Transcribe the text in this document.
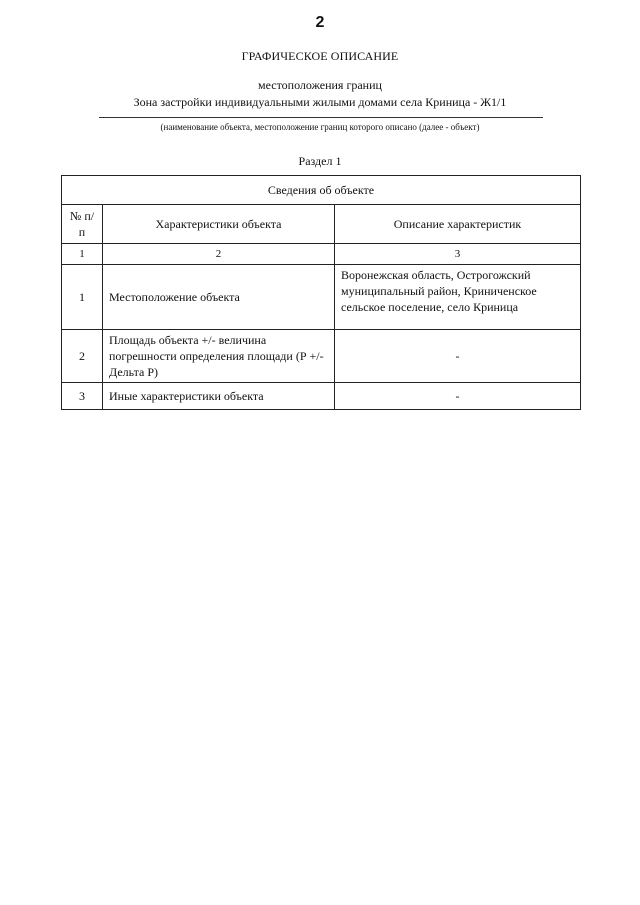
2
ГРАФИЧЕСКОЕ ОПИСАНИЕ
местоположения границ
Зона застройки индивидуальными жилыми домами села Криница - Ж1/1
(наименование объекта, местоположение границ которого описано (далее - объект)
Раздел 1
Сведения об объекте		
№ п/п	Характеристики объекта	Описание характеристик
1	2	3
1	Местоположение объекта	Воронежская область, Острогожский муниципальный район, Криниченское сельское поселение, село Криница
2	Площадь объекта +/- величина погрешности определения площади (Р +/- Дельта Р)	-
3	Иные характеристики объекта	-
